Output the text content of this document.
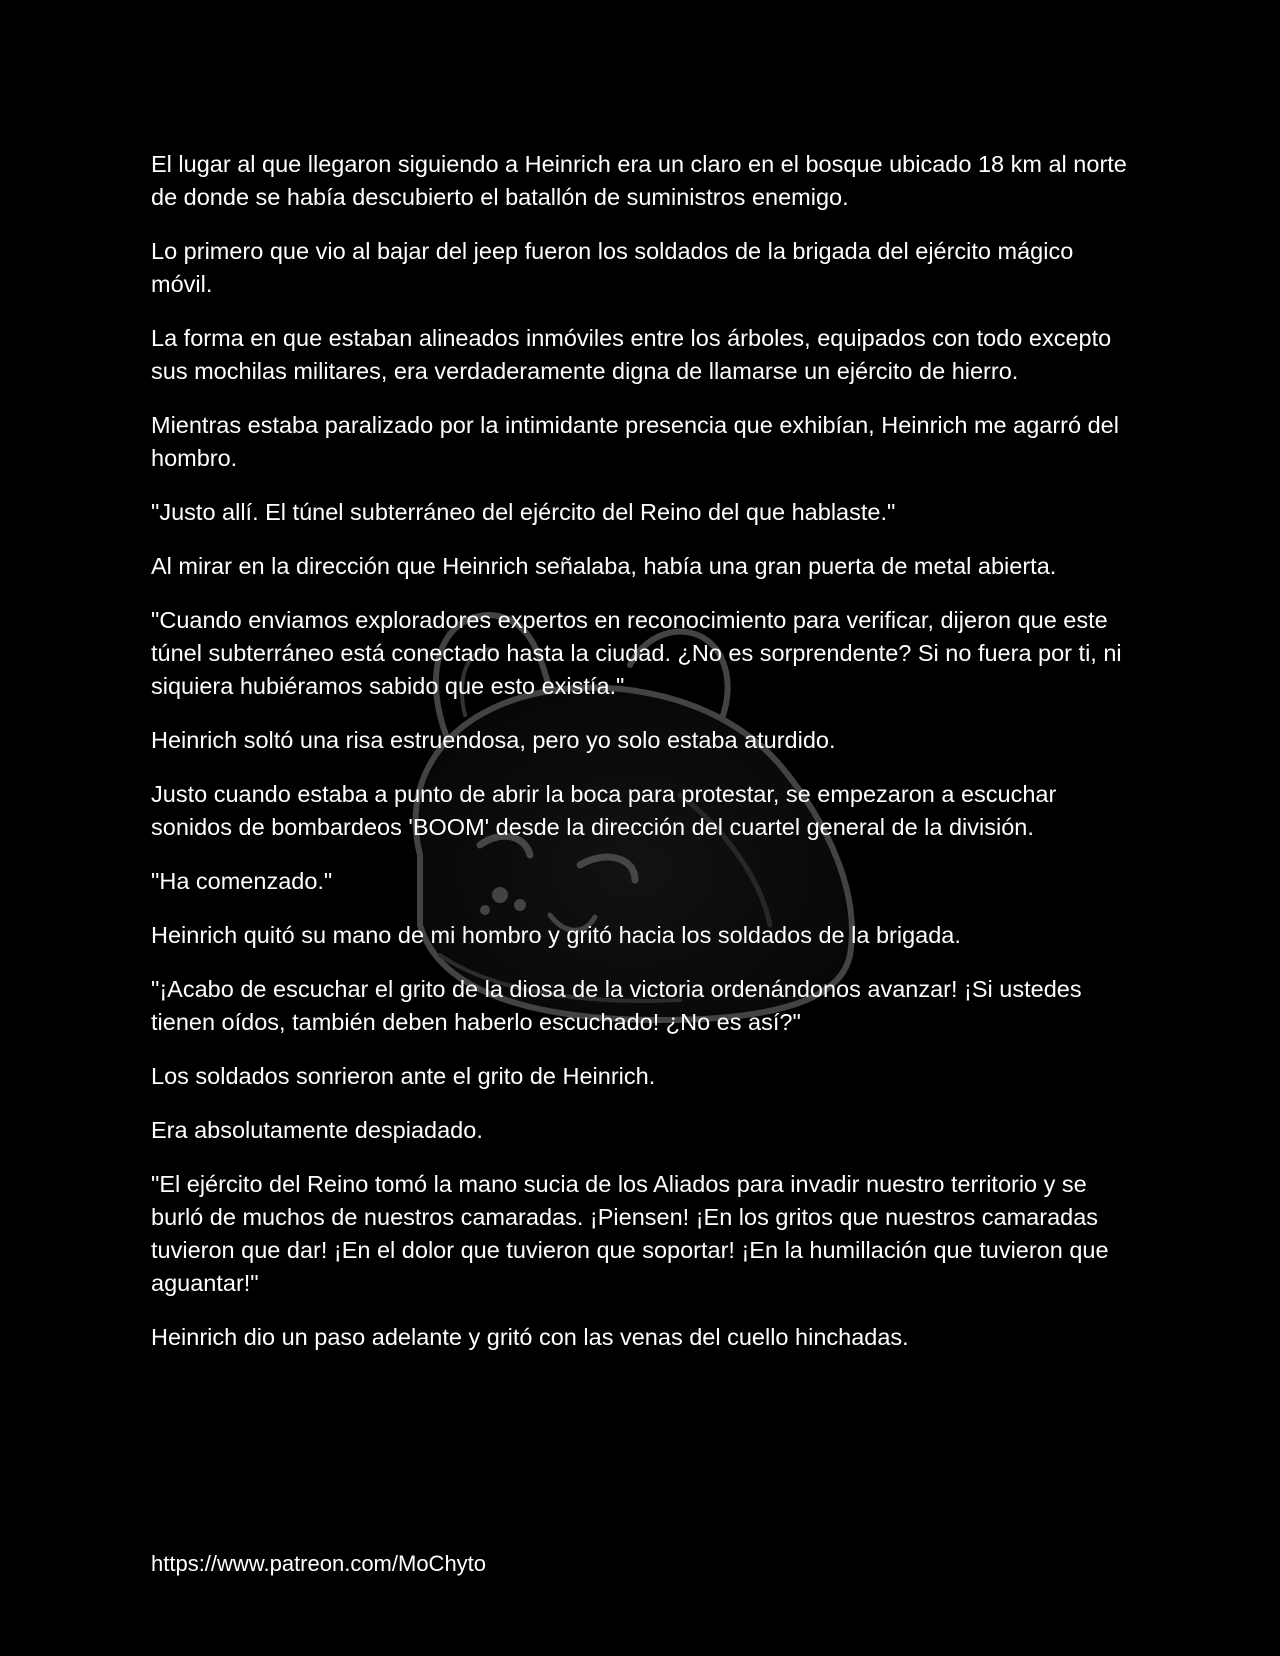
El lugar al que llegaron siguiendo a Heinrich era un claro en el bosque ubicado 18 km al norte de donde se había descubierto el batallón de suministros enemigo.

Lo primero que vio al bajar del jeep fueron los soldados de la brigada del ejército mágico móvil.

La forma en que estaban alineados inmóviles entre los árboles, equipados con todo excepto sus mochilas militares, era verdaderamente digna de llamarse un ejército de hierro.

Mientras estaba paralizado por la intimidante presencia que exhibían, Heinrich me agarró del hombro.

"Justo allí. El túnel subterráneo del ejército del Reino del que hablaste."

Al mirar en la dirección que Heinrich señalaba, había una gran puerta de metal abierta.

"Cuando enviamos exploradores expertos en reconocimiento para verificar, dijeron que este túnel subterráneo está conectado hasta la ciudad. ¿No es sorprendente? Si no fuera por ti, ni siquiera hubiéramos sabido que esto existía."

Heinrich soltó una risa estruendosa, pero yo solo estaba aturdido.

Justo cuando estaba a punto de abrir la boca para protestar, se empezaron a escuchar sonidos de bombardeos 'BOOM' desde la dirección del cuartel general de la división.

"Ha comenzado."

Heinrich quitó su mano de mi hombro y gritó hacia los soldados de la brigada.

"¡Acabo de escuchar el grito de la diosa de la victoria ordenándonos avanzar! ¡Si ustedes tienen oídos, también deben haberlo escuchado! ¿No es así?"

Los soldados sonrieron ante el grito de Heinrich.

Era absolutamente despiadado.

"El ejército del Reino tomó la mano sucia de los Aliados para invadir nuestro territorio y se burló de muchos de nuestros camaradas. ¡Piensen! ¡En los gritos que nuestros camaradas tuvieron que dar! ¡En el dolor que tuvieron que soportar! ¡En la humillación que tuvieron que aguantar!"

Heinrich dio un paso adelante y gritó con las venas del cuello hinchadas.

https://www.patreon.com/MoChyto
